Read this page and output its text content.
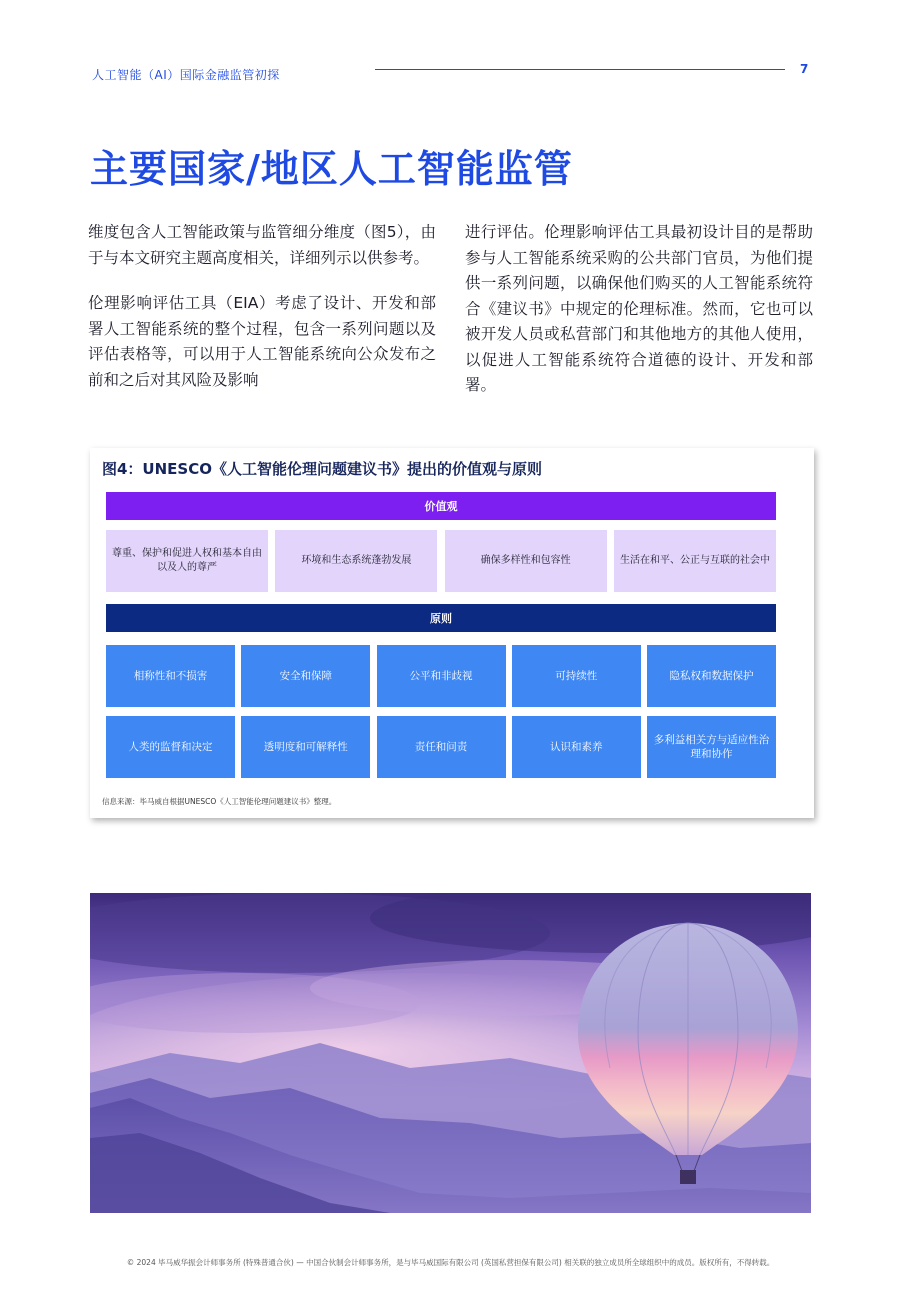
人工智能（AI）国际金融监管初探	7
主要国家/地区人工智能监管

维度包含人工智能政策与监管细分维度（图5），由于与本文研究主题高度相关，详细列示以供参考。

伦理影响评估工具（EIA）考虑了设计、开发和部署人工智能系统的整个过程，包含一系列问题以及评估表格等，可以用于人工智能系统向公众发布之前和之后对其风险及影响

进行评估。伦理影响评估工具最初设计目的是帮助参与人工智能系统采购的公共部门官员，为他们提供一系列问题，以确保他们购买的人工智能系统符合《建议书》中规定的伦理标准。然而，它也可以被开发人员或私营部门和其他地方的其他人使用，以促进人工智能系统符合道德的设计、开发和部署。

图4：UNESCO《人工智能伦理问题建议书》提出的价值观与原则
价值观
尊重、保护和促进人权和基本自由以及人的尊严
环境和生态系统蓬勃发展	确保多样性和包容性	生活在和平、公正与互联的社会中
原则
相称性和不损害	安全和保障	公平和非歧视	可持续性	隐私权和数据保护
人类的监督和决定	透明度和可解释性	责任和问责	认识和素养
多利益相关方与适应性治理和协作
信息来源：毕马威自根据UNESCO《人工智能伦理问题建议书》整理。
© 2024 毕马威华振会计师事务所 (特殊普通合伙) — 中国合伙制会计师事务所，是与毕马威国际有限公司 (英国私营担保有限公司) 相关联的独立成员所全球组织中的成员。版权所有，不得转载。
